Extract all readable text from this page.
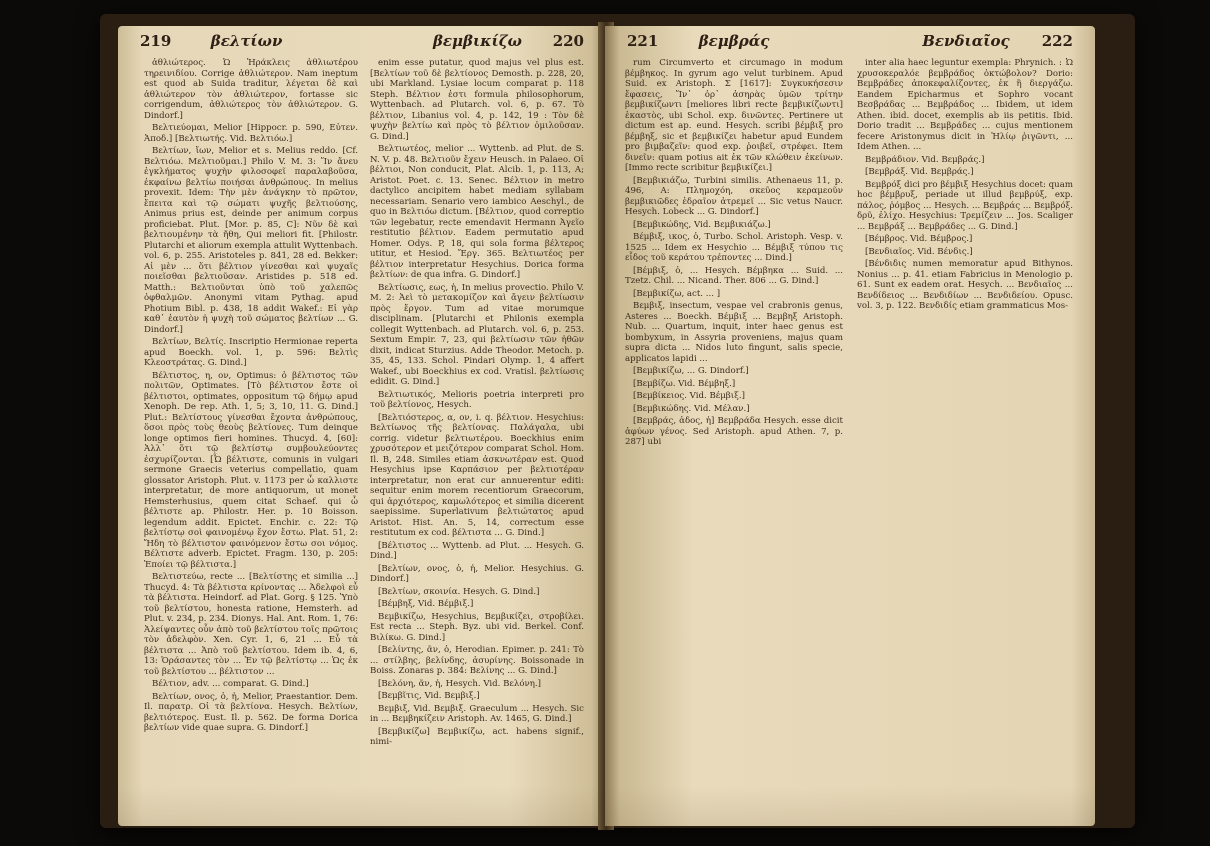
219	βελτίων	βεμβικίζω	220

ἀθλιώτερος. Ὦ Ἡράκλεις ἀθλιωτέρου τηρεινιδίου. Corrige ἀθλιώτερον. Nam ineptum est quod ab Suida traditur, λέγεται δὲ καὶ ἀθλιώτερον τὸν ἀθλιώτερον, fortasse sic corrigendum, ἀθλιώτερος τὸν ἀθλιώτερον. G. Dindorf.]

Βελτιεύομαι, Melior [Hippocr. p. 590, Εὐτεν. Ἀποδ.] [Βελτιωτής. Vid. Βελτιόω.]

Βελτίων, ἴων, Melior et s. Melius reddo. [Cf. Βελτιόω. Μελτιοῦμαι.] Philo V. M. 3: Ἵν ἄνευ ἐγκλήματος ψυχὴν φιλοσοφεῖ παραλαβοῦσα, ἐκφαίνω βελτίω ποιήσαι ἀνθρώπους. In melius provexit. Idem: Τὴν μὲν ἀνάγκην τὸ πρῶτον, ἔπειτα καὶ τῷ σώματι ψυχῆς βελτιούσης, Animus prius est, deinde per animum corpus proficiebat. Plut. [Mor. p. 85, C]: Νῦν δὲ καὶ βελτιουμένην τὰ ἤθη, Qui meliori fit. [Philostr. Plutarchi et aliorum exempla attulit Wyttenbach. vol. 6, p. 255. Aristoteles p. 841, 28 ed. Bekker: Αἱ μὲν ... ὅτι βέλτιον γίνεσθαι καὶ ψυχαῖς ποιεῖσθαι βελτιοῦσαν. Aristides p. 518 ed. Matth.: Βελτιοῦνται ὑπὸ τοῦ χαλεπῶς ὀφθαλμῶν. Anonymi vitam Pythag. apud Photium Bibl. p. 438, 18 addit Wakef.: Εἰ γὰρ καθ᾽ ἑαυτὸν ἡ ψυχὴ τοῦ σώματος βελτίων ... G. Dindorf.]

Βελτίων, Βελτίς. Inscriptio Hermionae reperta apud Boeckh. vol. 1, p. 596: Βελτὶς Κλεοστράτας. G. Dind.]

Βέλτιστος, η, ον, Optimus: ὁ βέλτιστος τῶν πολιτῶν, Optimates. [Τὸ βέλτιστον ἔστε οἱ βέλτιστοι, optimates, oppositum τῷ δήμῳ apud Xenoph. De rep. Ath. 1, 5; 3, 10, 11. G. Dind.] Plut.: Βελτίστους γίνεσθαι ἔχοντα ἀνθρώπους, ὅσοι πρὸς τοὺς θεοὺς βελτίονες. Tum deinque longe optimos fieri homines. Thucyd. 4, [60]: Ἀλλ᾽ ὅτι τῷ βελτίστῳ συμβουλεύοντες ἐσχυρίζονται. [Ὦ βέλτιστε, comunis in vulgari sermone Graecis veterius compellatio, quam glossator Aristoph. Plut. v. 1173 per ὦ καλλιστε interpretatur, de more antiquorum, ut monet Hemsterhusius, quem citat Schaef. qui ὦ βέλτιστε ap. Philostr. Her. p. 10 Boisson. legendum addit. Epictet. Enchir. c. 22: Τῷ βελτίστῳ σοὶ φαινομένῳ ἔχον ἔστω. Plat. 51, 2: Ἤδη τὸ βέλτιστον φαινόμενον ἔστω σοι νόμος. Βέλτιστε adverb. Epictet. Fragm. 130, p. 205: Ἐποίει τῷ βέλτιστα.]

Βελτιστεύω, recte ... [Βελτίστης et similia ...] Thucyd. 4: Τὰ βέλτιστα κρίνοντας ... Ἀδελφοὶ εὖ τὰ βέλτιστα. Heindorf. ad Plat. Gorg. § 125. Ὑπὸ τοῦ βελτίστου, honesta ratione, Hemsterh. ad Plut. v. 234, p. 234. Dionys. Hal. Ant. Rom. 1, 76: Ἀλείψαντες οὖν ἀπὸ τοῦ βελτίστου τοῖς πρῶτοις τὸν ἀδελφὸν. Xen. Cyr. 1, 6, 21 ... Εὖ τὰ βέλτιστα ... Ἀπὸ τοῦ βελτίστου. Idem ib. 4, 6, 13: Ὁράσαντες τὸν ... Ἐν τῷ βελτίστῳ ... Ὡς ἐκ τοῦ βελτίστου ... βέλτιστον ...

Βέλτιον, adv. ... comparat. G. Dind.]

Βελτίων, ονος, ὁ, ἡ, Melior, Praestantior. Dem. Il. παρατρ. Οἱ τὰ βελτίονα. Hesych. Βελτίων, βελτιότερος. Eust. Il. p. 562. De forma Dorica βελτίων vide quae supra. G. Dindorf.]

enim esse putatur, quod majus vel plus est. [Βελτίων τοῦ δὲ βελτίονος Demosth. p. 228, 20, ubi Markland. Lysiae locum comparat p. 118 Steph. Βέλτιον ἐστι formula philosophorum, Wyttenbach. ad Plutarch. vol. 6, p. 67. Τὸ βέλτιον, Libanius vol. 4, p. 142, 19 : Τὸν δὲ ψυχὴν βελτίω καὶ πρὸς τὸ βέλτιον ὁμιλοῦσαν. G. Dind.]

Βελτιωτέος, melior ... Wyttenb. ad Plut. de S. N. V. p. 48. Βελτιοῦν ἔχειν Heusch. in Palaeo. Οἱ βέλτιοι, Non conducit, Plat. Alcib. 1, p. 113, A; Aristot. Poet. c. 13. Senec. Βέλτιον in metro dactylico ancipitem habet mediam syllabam necessariam. Senario vero iambico Aeschyl., de quo in Βελτιόω dictum. [Βέλτιον, quod correptio τῶν legebatur, recte emendavit Hermann Ἀγεῖο restitutio βέλτιον. Eadem permutatio apud Homer. Odys. P, 18, qui sola forma βέλτερος utitur, et Hesiod. Ἔργ. 365. Βελτιωτέος per βέλτιον interpretatur Hesychius. Dorica forma βελτίων: de qua infra. G. Dindorf.]

Βελτίωσις, εως, ἡ, In melius provectio. Philo V. M. 2: Ἀεὶ τὸ μετακομίζον καὶ ἄγειν βελτίωσιν πρὸς ἔργον. Tum ad vitae morumque disciplinam. [Plutarchi et Philonis exempla collegit Wyttenbach. ad Plutarch. vol. 6, p. 253. Sextum Empir. 7, 23, qui βελτίωσιν τῶν ἠθῶν dixit, indicat Sturzius. Adde Theodor. Metoch. p. 35, 45, 133. Schol. Pindari Olymp. 1, 4 affert Wakef., ubi Boeckhius ex cod. Vratisl. βελτίωσις edidit. G. Dind.]

Βελτιωτικός, Melioris poetria interpreti pro τοῦ βελτίονος, Hesych.

[Βελτιόστερος, α, ον, i. q. βέλτιον. Hesychius: Βελτίωνος τῆς βελτίονας. Παλάγαλα, ubi corrig. videtur βελτιωτέρου. Boeckhius enim χρυσότερον et μειζότερον comparat Schol. Hom. Il. Β, 248. Similes etiam ἀσκνωτέραν est. Quod Hesychius ipse Καρπάσιον per βελτιοτέραν interpretatur, non erat cur annuerentur editi: sequitur enim morem recentiorum Graecorum, qui ἀρχιότερος, καμωλότερος et similia dicerent saepissime. Superlativum βελτιώτατος apud Aristot. Hist. An. 5, 14, correctum esse restitutum ex cod. βέλτιστα ... G. Dind.]

[Βέλτιστος ... Wyttenb. ad Plut. ... Hesych. G. Dind.]

[Βελτίων, ονος, ὁ, ἡ, Melior. Hesychius. G. Dindorf.]

[Βελτίων, σκοινία. Hesych. G. Dind.]

[Βέμβηξ, Vid. Βέμβιξ.]

Βεμβικίζω, Hesychius, Βεμβικίζει, στροβίλει. Est recta ... Steph. Byz. ubi vid. Berkel. Conf. Βιλίκω. G. Dind.]

[Βελίντης, ᾶν, ὁ, Herodian. Epimer. p. 241: Τὸ ... στίλβης, βελίνδης, ἀσυρίνης. Boissonade in Boiss. Zonaras p. 384: Βελίνης ... G. Dind.]

[Βελόνη, ᾶν, ἡ, Hesych. Vid. Βελόνη.]

[Βεμβῖτις, Vid. Βεμβιξ.]

Βεμβιξ, Vid. Βεμβιξ. Graeculum ... Hesych. Sic in ... Βεμβηκίζειν Aristoph. Av. 1465, G. Dind.]

[Βεμβικίζω] Βεμβικίζω, act. habens signif., nimi-

221	βεμβράς	Βενδιαῖος	222

rum Circumverto et circumago in modum βέμβηκος. In gyrum ago velut turbinem. Apud Suid. ex Aristoph. Σ [1617]: Συγκυκήσεσιν ἔφασεις, Ἵν᾽ ὁρ᾽ ἀσηρὰς ὑμῶν τρίτην βεμβικίζωντι [meliores libri recte βεμβικίζωντι] ἑκαστὸς, ubi Schol. exp. δινῶντες. Pertinere ut dictum est ap. eund. Hesych. scribi βέμβιξ pro βέμβηξ, sic et βεμβικίζει habetur apud Eundem pro βιμβαζεῖν: quod exp. ῥοιβεῖ, στρέφει. Item δινεῖν: quam potius ait ἐκ τῶν κλώθειν ἐκείνων. [Immo recte scribitur βεμβικίζει.]

[Βεμβικιάζω, Turbini similis. Athenaeus 11, p. 496, A: Πλημοχόη, σκεῦος κεραμεοῦν βεμβικιῶδες ἑδραῖον ἀτρεμεῖ ... Sic vetus Naucr. Hesych. Lobeck ... G. Dindorf.]

[Βεμβικώδης, Vid. Βεμβικιάζω.]

Βέμβιξ, ικος, ὁ, Turbo. Schol. Aristoph. Vesp. v. 1525 ... Idem ex Hesychio ... Βέμβιξ τύπου τις εἶδος τοῦ κεράτου τρέποντες ... Dind.]

[Βέμβιξ, ὁ, ... Hesych. Βέμβηκα ... Suid. ... Tzetz. Chil. ... Nicand. Ther. 806 ... G. Dind.]

[Βεμβικίζω, act. ... ]

Βεμβιξ, insectum, vespae vel crabronis genus, Asteres ... Boeckh. Βέμβιξ ... Βεμβηξ Aristoph. Nub. ... Quartum, inquit, inter haec genus est bombyxum, in Assyria proveniens, majus quam supra dicta ... Nidos luto fingunt, salis specie, applicatos lapidi ...

[Βεμβικίζω, ... G. Dindorf.]

[Βεμβίζω. Vid. Βέμβηξ.]

[Βεμβίκειος. Vid. Βέμβιξ.]

[Βεμβικώδης. Vid. Μέλαν.]

[Βεμβράς, ἀδος, ἡ] Βεμβράδα Hesych. esse dicit ἀφύων γένος. Sed Aristoph. apud Athen. 7, p. 287] ubi

inter alia haec leguntur exempla: Phrynich. : Ὦ χρυσοκεραλόε βεμβράδος ὀκτώβολον? Dorio: Βεμβράδες ἀποκεφαλίζοντες, ἐκ ἢ διεργάζω. Eandem Epicharmus et Sophro vocant Βεσβράδας ... Βεμβράδος ... Ibidem, ut idem Athen. ibid. docet, exemplis ab iis petitis. Ibid. Dorio tradit ... Βεμβράδες ... cujus mentionem fecere Aristonymus dicit in Ἡλίῳ ῥιγῶντι, ... Idem Athen. ...

Βεμβράδιον. Vid. Βεμβράς.]

[Βεμβράξ. Vid. Βεμβράς.]

Βεμβρόξ dici pro βέμβιξ Hesychius docet: quam hoc βέμβρυξ, periade ut illud βεμβρύξ, exp. πάλος, ῥόμβος ... Hesych. ... Βεμβράς ... Βεμβρόξ. δρῦ, ἐλίχο. Hesychius: Τρεμίζειν ... Jos. Scaliger ... Βεμβράξ ... Βεμβράδες ... G. Dind.]

[Βέμβρος. Vid. Βέμβρος.]

[Βενδιαῖος. Vid. Βένδις.]

[Βένδιδις numen memoratur apud Bithynos. Nonius ... p. 41. etiam Fabricius in Menologio p. 61. Sunt ex eadem orat. Hesych. ... Βενδιαῖος ... Βενδίδειος ... Βενδιδίων ... Βενδιδείου. Opusc. vol. 3, p. 122. Βενδιδίς etiam grammaticus Mos-
